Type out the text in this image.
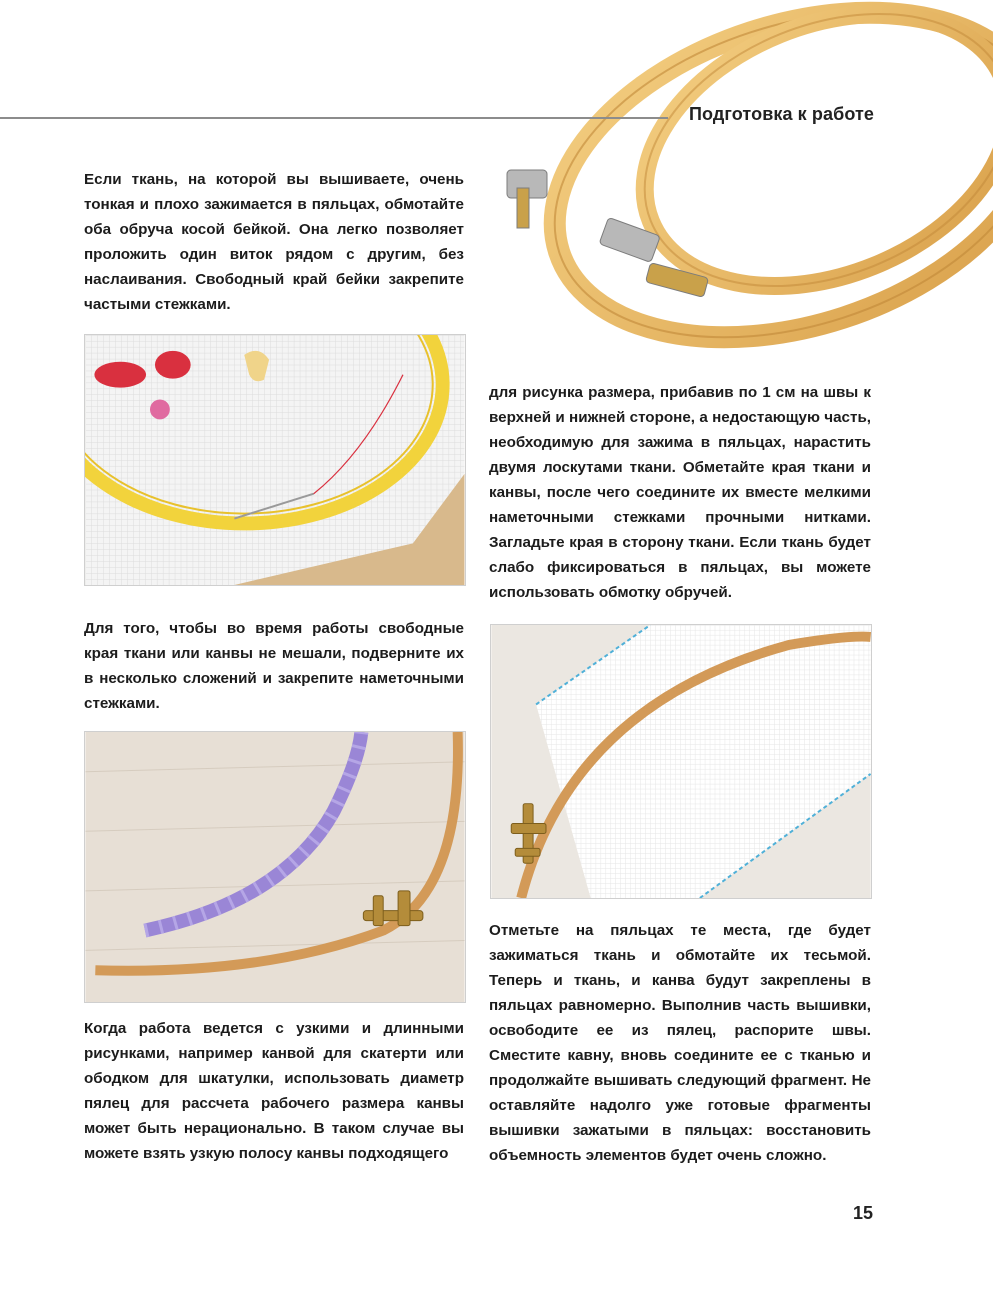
Подготовка к работе

Если ткань, на которой вы вышиваете, очень тонкая и плохо зажимается в пяльцах, обмотайте оба обруча косой бейкой. Она легко позволяет проложить один виток рядом с другим, без наслаивания. Свободный край бейки закрепите частыми стежками.

Для того, чтобы во время работы свободные края ткани или канвы не мешали, подверните их в несколько сложений и закрепите наметочными стежками.

Когда работа ведется с узкими и длинными рисунками, например канвой для скатерти или ободком для шкатулки, использовать диаметр пялец для рассчета рабочего размера канвы может быть нерационально. В таком случае вы можете взять узкую полосу канвы подходящего

для рисунка размера, прибавив по 1 см на швы к верхней и нижней стороне, а недостающую часть, необходимую для зажима в пяльцах, нарастить двумя лоскутами ткани. Обметайте края ткани и канвы, после чего соедините их вместе мелкими наметочными стежками прочными нитками. Загладьте края в сторону ткани. Если ткань будет слабо фиксироваться в пяльцах, вы можете использовать обмотку обручей.

Отметьте на пяльцах те места, где будет зажиматься ткань и обмотайте их тесьмой. Теперь и ткань, и канва будут закреплены в пяльцах равномерно. Выполнив часть вышивки, освободите ее из пялец, распорите швы. Сместите кавну, вновь соедините ее с тканью и продолжайте вышивать следующий фрагмент. Не оставляйте надолго уже готовые фрагменты вышивки зажатыми в пяльцах: восстановить объемность элементов будет очень сложно.

15
